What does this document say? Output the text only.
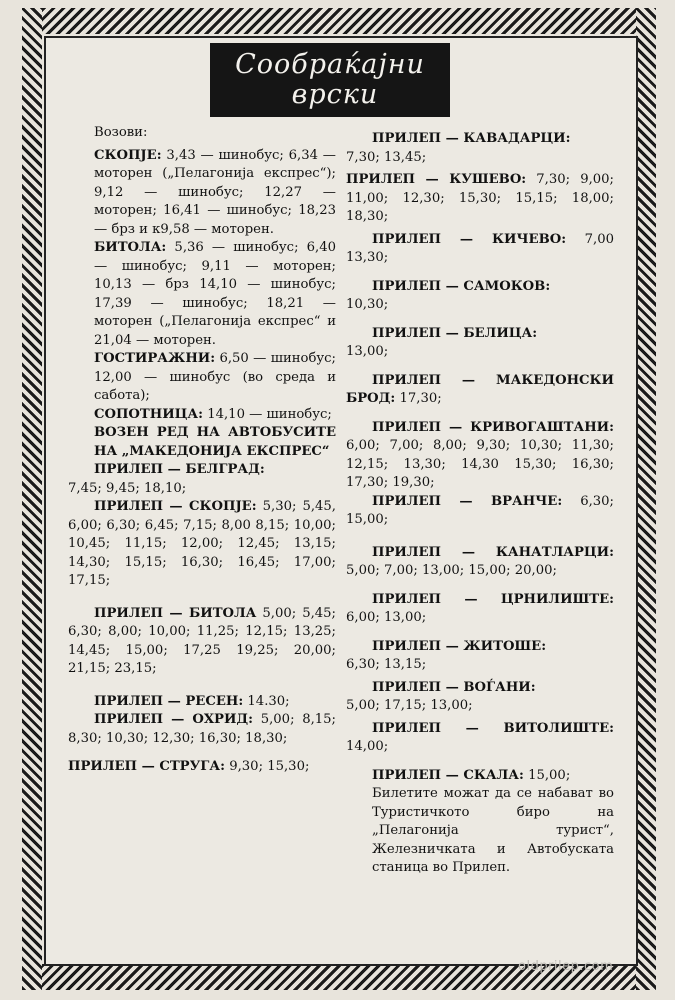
Сообраќајни
врски

Возови:

СКОПЈЕ: 3,43 — шинобус; 6,34 — моторен („Пелагонија експрес“); 9,12 — шинобус; 12,27 — моторен; 16,41 — шинобус; 18,23 — брз и к9,58 — моторен.

БИТОЛА: 5,36 — шинобус; 6,40 — шинобус; 9,11 — моторен; 10,13 — брз 14,10 — шинобус; 17,39 — шинобус; 18,21 — моторен („Пелагонија експрес“ и 21,04 — моторен.

ГОСТИРАЖНИ: 6,50 — шинобус; 12,00 — шинобус (во среда и сабота);

СОПОТНИЦА: 14,10 — шинобус;

ВОЗЕН РЕД НА АВТОБУСИТЕ НА „МАКЕДОНИЈА ЕКСПРЕС“

ПРИЛЕП — БЕЛГРАД:
7,45; 9,45; 18,10;

ПРИЛЕП — СКОПЈЕ: 5,30; 5,45, 6,00; 6,30; 6,45; 7,15; 8,00 8,15; 10,00; 10,45; 11,15; 12,00; 12,45; 13,15; 14,30; 15,15; 16,30; 16,45; 17,00; 17,15;

ПРИЛЕП — БИТОЛА 5,00; 5,45; 6,30; 8,00; 10,00; 11,25; 12,15; 13,25; 14,45; 15,00; 17,25 19,25; 20,00; 21,15; 23,15;

ПРИЛЕП — РЕСЕН: 14.30;

ПРИЛЕП — ОХРИД: 5,00; 8,15; 8,30; 10,30; 12,30; 16,30; 18,30;

ПРИЛЕП — СТРУГА: 9,30; 15,30;

ПРИЛЕП — КАВАДАРЦИ:
7,30; 13,45;

ПРИЛЕП — КУШЕВО: 7,30; 9,00; 11,00; 12,30; 15,30; 15,15; 18,00; 18,30;

ПРИЛЕП — КИЧЕВО: 7,00 13,30;

ПРИЛЕП — САМОКОВ:
10,30;

ПРИЛЕП — БЕЛИЦА:
13,00;

ПРИЛЕП — МАКЕДОНСКИ БРОД: 17,30;

ПРИЛЕП — КРИВОГАШТАНИ: 6,00; 7,00; 8,00; 9,30; 10,30; 11,30; 12,15; 13,30; 14,30 15,30; 16,30; 17,30; 19,30;

ПРИЛЕП — ВРАНЧЕ: 6,30; 15,00;

ПРИЛЕП — КАНАТЛАРЦИ: 5,00; 7,00; 13,00; 15,00; 20,00;

ПРИЛЕП — ЦРНИЛИШТЕ: 6,00; 13,00;

ПРИЛЕП — ЖИТОШЕ:
6,30; 13,15;

ПРИЛЕП — ВОЃАНИ:
5,00; 17,15; 13,00;

ПРИЛЕП — ВИТОЛИШТЕ: 14,00;

ПРИЛЕП — СКАЛА: 15,00;

Билетите можат да се набават во Туристичкото биро на „Пелагонија турист“, Железничката и Автобуската станица во Прилеп.

oldprilep.com
